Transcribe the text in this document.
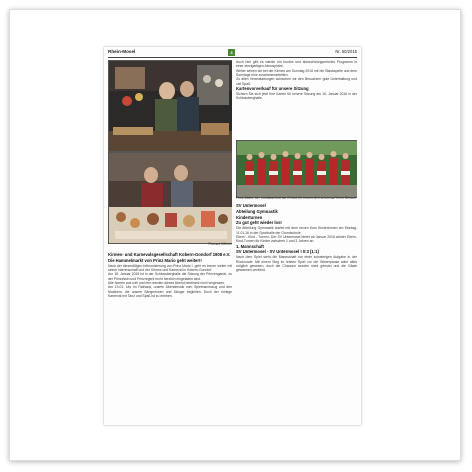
Rhein-Mosel	3	Nr. 50/2015
Thomas Kühner

Kirmes- und Karnevalsgesellschaft Kobern-Gondorf 1908 e.V.

Die Hammelmarkt von Prinz Mario geht weiter!!

Nach der diesmäßigen Inthronisierung von Prinz Mario I. geht es immer weiter mit seiner Narrenschaft und der Kirmes und Karneval in Kobern-Gondorf.

Am 18. Januar 2016 ist in der Schlossberghalle die Sitzung der Prinzengarde, zu der Prinzessin und Prinzregent recht herzlich eingeladen sind.

Alle Narren aus nah und fern werden dieses Abend bestimmt nicht vergessen.

Am 13.01. Uhr im Rathaus, unsere Abendmusik vom Spielmannszug und den Musikern, die unsere Sängerinnen und Sänger begleiten. Doch der richtige Karneval mit Tanz und Spaß ist zu erleben.

Auch hier gibt es wieder ein buntes und abwechslungsreiches Programm in einer einzigartigen Atmosphäre.

Weiter seinen wir bei der Kirmes am Sonntag 2016 mit der Blaskapelle und dem Sonntags eine zusammenarbeiten.

Zu allen Veranstaltungen wünschen wir den Besuchern gute Unterhaltung und viel Spaß.

Kartenvorverkauf für unsere Sitzung

Sichern Sie sich jetzt Ihre Karten für unsere Sitzung am 16. Januar 2016 in der Schlossberghalle.

Prinz Mario, der Vorstand und die KI und Ko freuen sich schon auf Ihren Besuch

SV Untermosel

Abteilung Gymnastik

Kinderturnen

Zu gut geht wieder los!

Die Abteilung Gymnastik startet mit dem neuen Kurs Kinderturnen am Montag, 11.01.16 in der Sporthalle der Grundschule.

Eltern - Kind - Turnen: Der SV Untermosel bietet ab Januar 2016 wieder Eltern-Kind-Turnen für Kinder zwischen 1 und 3 Jahren an.

1. Mannschaft

SV Untermosel - SV Untermosel I 0:3 (1:1)

Nach dem Spiel steht die Mannschaft vor einer schwierigen Aufgabe in der Rückrunde. Mit einem Sieg im letzten Spiel vor der Winterpause wäre alles möglich gewesen, doch die Chancen wurden nicht genutzt und die Gäste gewannen verdient.
